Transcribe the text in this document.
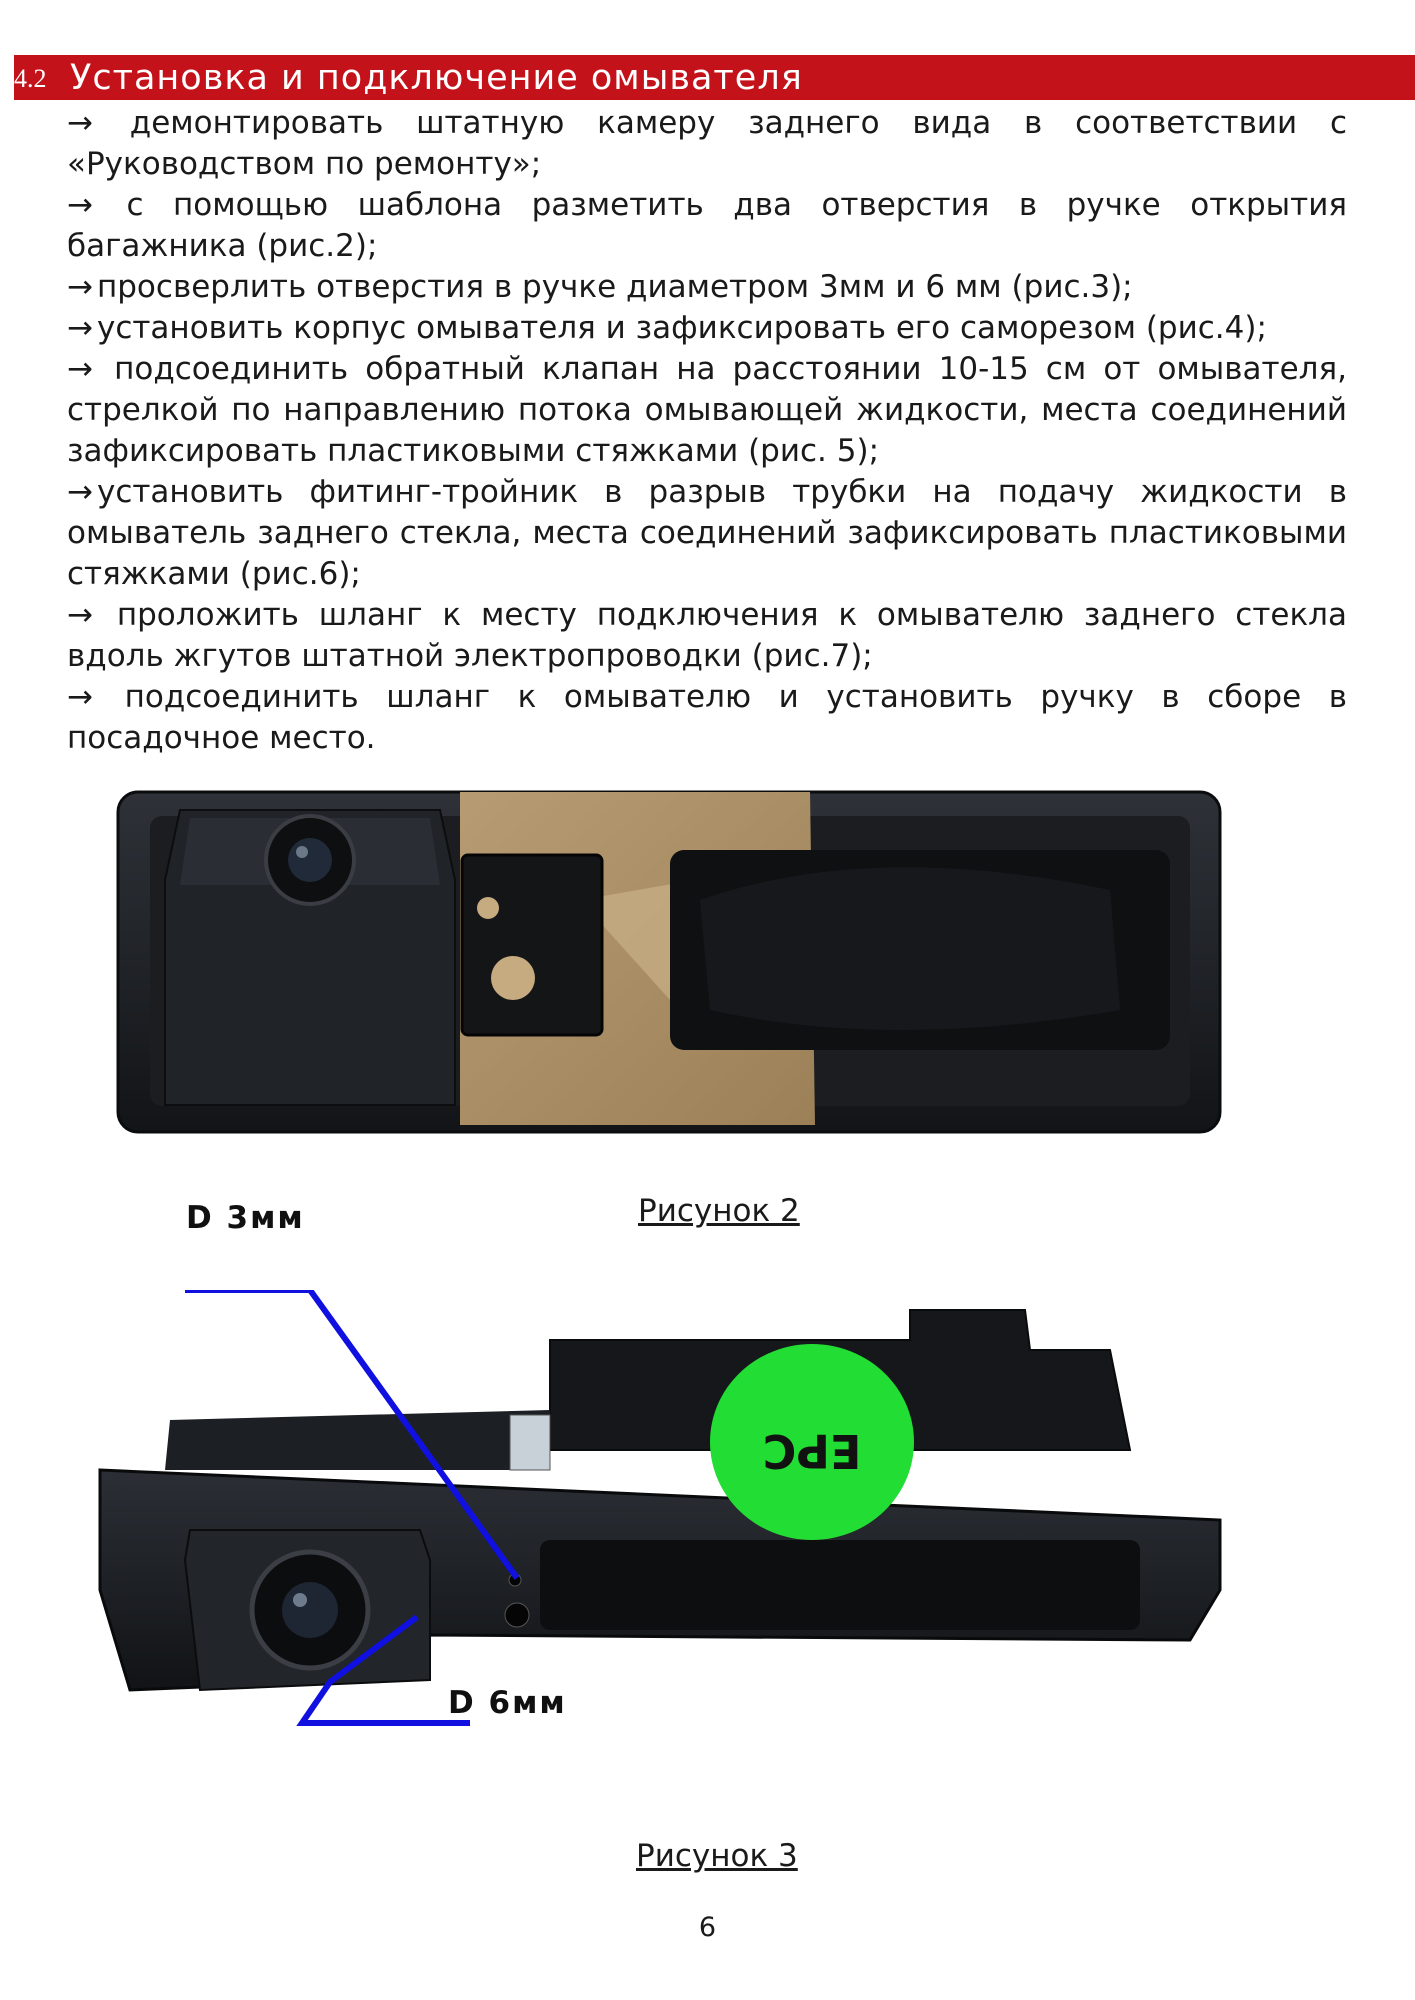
4.2 Установка и подключение омывателя

→ демонтировать штатную камеру заднего вида в соответствии с «Руководством по ремонту»;

→ с помощью шаблона разметить два отверстия в ручке открытия багажника (рис.2);

→ просверлить отверстия в ручке диаметром 3мм и 6 мм (рис.3);

→ установить корпус омывателя и зафиксировать его саморезом (рис.4);

→ подсоединить обратный клапан на расстоянии 10-15 см от омывателя, стрелкой по направлению потока омывающей жидкости, места соединений зафиксировать пластиковыми стяжками (рис. 5);

→ установить фитинг-тройник в разрыв трубки на подачу жидкости в омыватель заднего стекла, места соединений зафиксировать пластиковыми стяжками (рис.6);

→ проложить шланг к месту подключения к омывателю заднего стекла вдоль жгутов штатной электропроводки (рис.7);

→ подсоединить шланг к омывателю и установить ручку в сборе в посадочное место.

Рисунок 2
EPC
D 3мм
D 6мм
Рисунок 3
6
